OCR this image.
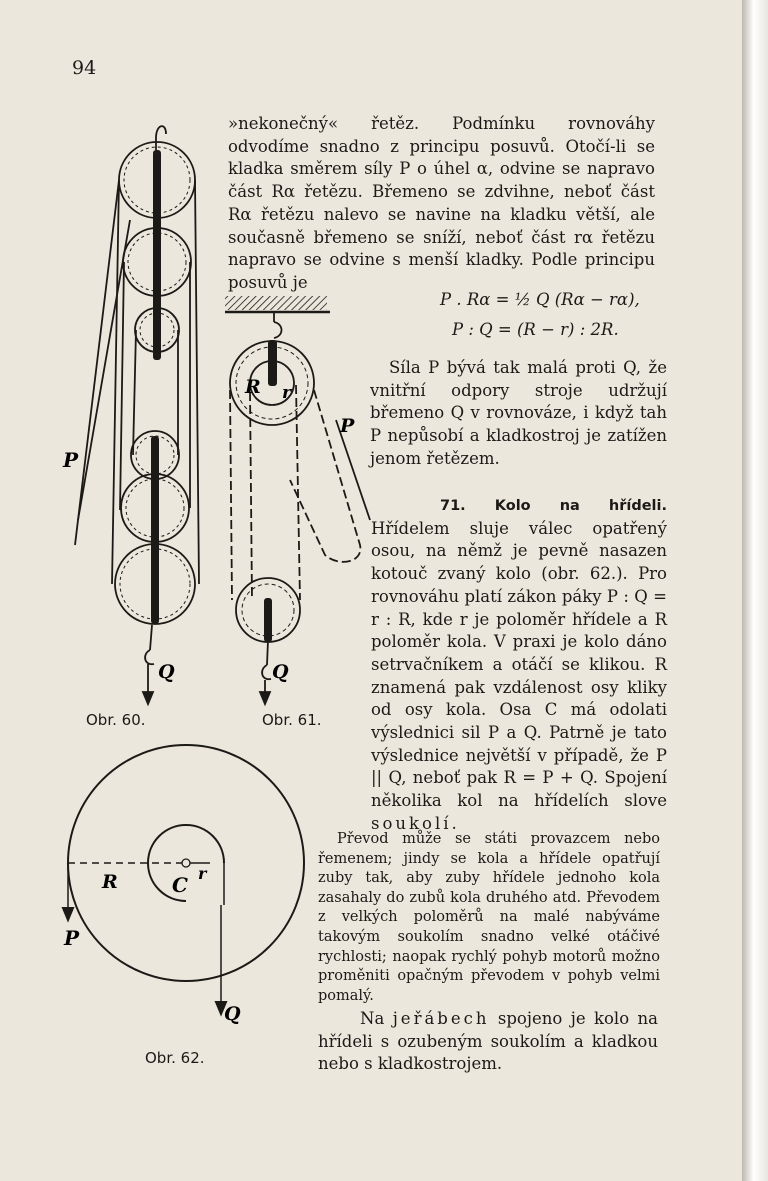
94

»nekonečný« řetěz. Podmínku rovnováhy odvodíme snadno z principu posuvů. Otočí-li se kladka směrem síly P o úhel α, odvine se napravo část Rα řetězu. Břemeno se zdvihne, neboť část Rα řetězu nalevo se navine na kladku větší, ale současně břemeno se sníží, neboť část rα řetězu napravo se odvine s menší kladky. Podle principu posuvů je

P . Rα = ½ Q (Rα − rα),
P : Q = (R − r) : 2R.

Síla P bývá tak malá proti Q, že vnitřní odpory stroje udržují břemeno Q v rovnováze, i když tah P nepůsobí a kladkostroj je zatížen jenom řetězem.

71. Kolo na hřídeli. Hřídelem sluje válec opatřený osou, na němž je pevně nasazen kotouč zvaný kolo (obr. 62.). Pro rovnováhu platí zákon páky P : Q = r : R, kde r je poloměr hřídele a R poloměr kola. V praxi je kolo dáno setrvačníkem a otáčí se klikou. R znamená pak vzdálenost osy kliky od osy kola. Osa C má odolati výslednici sil P a Q. Patrně je tato výslednice největší v případě, že P || Q, neboť pak R = P + Q. Spojení několika kol na hřídelích slove soukolí.

Převod může se státi provazcem nebo řemenem; jindy se kola a hřídele opatřují zuby tak, aby zuby hřídele jednoho kola zasahaly do zubů kola druhého atd. Převodem z velkých poloměrů na malé nabýváme takovým soukolím snadno velké otáčivé rychlosti; naopak rychlý pohyb motorů možno proměniti opačným převodem v pohyb velmi pomalý.

Na jeřábech spojeno je kolo na hřídeli s ozubeným soukolím a kladkou nebo s kladkostrojem.

P
Q
R r
P
Q
R	C r
P
Q
Obr. 60.	Obr. 61.
Obr. 62.
